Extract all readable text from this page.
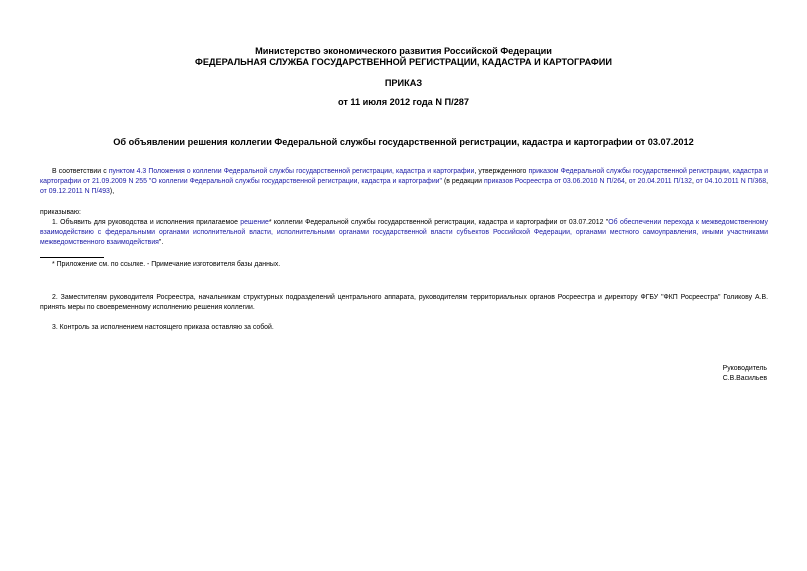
Министерство экономического развития Российской Федерации
ФЕДЕРАЛЬНАЯ СЛУЖБА ГОСУДАРСТВЕННОЙ РЕГИСТРАЦИИ, КАДАСТРА И КАРТОГРАФИИ
ПРИКАЗ
от 11 июля 2012 года N П/287
Об объявлении решения коллегии Федеральной службы государственной регистрации, кадастра и картографии от 03.07.2012
В соответствии с пунктом 4.3 Положения о коллегии Федеральной службы государственной регистрации, кадастра и картографии, утвержденного приказом Федеральной службы государственной регистрации, кадастра и картографии от 21.09.2009 N 255 "О коллегии Федеральной службы государственной регистрации, кадастра и картографии" (в редакции приказов Росреестра от 03.06.2010 N П/264, от 20.04.2011 П/132, от 04.10.2011 N П/368, от 09.12.2011 N П/493),
приказываю:
1. Объявить для руководства и исполнения прилагаемое решение* коллегии Федеральной службы государственной регистрации, кадастра и картографии от 03.07.2012 "Об обеспечении перехода к межведомственному взаимодействию с федеральными органами исполнительной власти, исполнительными органами государственной власти субъектов Российской Федерации, органами местного самоуправления, иными участниками межведомственного взаимодействия".
* Приложение см. по ссылке. - Примечание изготовителя базы данных.
2. Заместителям руководителя Росреестра, начальникам структурных подразделений центрального аппарата, руководителям территориальных органов Росреестра и директору ФГБУ "ФКП Росреестра" Голикову А.В. принять меры по своевременному исполнению решения коллегии.
3. Контроль за исполнением настоящего приказа оставляю за собой.
Руководитель
С.В.Васильев
